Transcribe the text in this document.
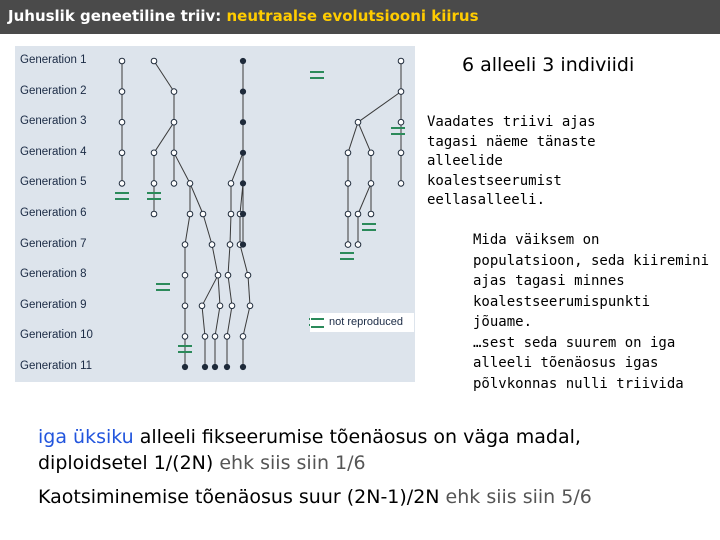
Juhuslik geneetiline triiv: neutraalse evolutsiooni kiirus
Generation 1
Generation 2
Generation 3
Generation 4
Generation 5
Generation 6
Generation 7
Generation 8
Generation 9
Generation 10
Generation 11
not reproduced
6 alleeli 3 indiviidi
Vaadates triivi ajas
tagasi näeme tänaste
alleelide
koalestseerumist
eellasalleeli.
Mida väiksem on
populatsioon, seda kiiremini
ajas tagasi minnes
koalestseerumispunkti
jõuame.
…sest seda suurem on iga
alleeli tõenäosus igas
põlvkonnas nulli triivida
iga üksiku alleeli fikseerumise tõenäosus on väga madal,
diploidsetel 1/(2N) ehk siis siin 1/6
Kaotsiminemise tõenäosus suur (2N-1)/2N ehk siis siin 5/6
